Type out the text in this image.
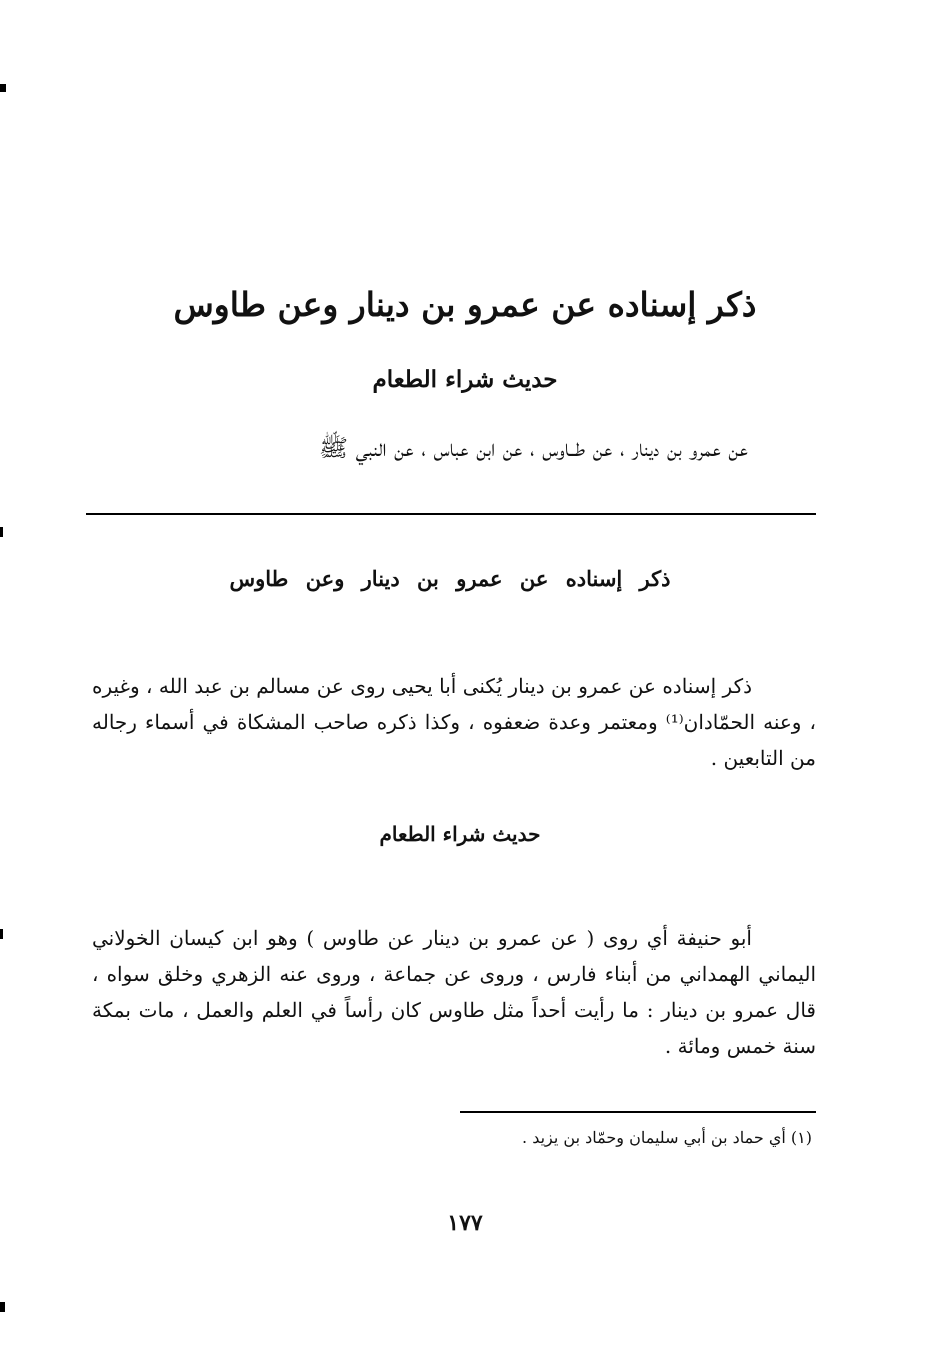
ذكر إسناده عن عمرو بن دينار وعن طاوس
حديث شراء الطعام
عن عمرو بن دينار ، عن طــاوس ، عن ابن عباس ، عن النبي ﷺ
ذكر إسناده عن عمرو بن دينار وعن طاوس
ذكر إسناده عن عمرو بن دينار يُكنى أبا يحيى روى عن مسالم بن عبد الله ، وغيره ، وعنه الحمّادان⁽¹⁾ ومعتمر وعدة ضعفوه ، وكذا ذكره صاحب المشكاة في أسماء رجاله من التابعين .
حديث شراء الطعام
أبو حنيفة أي روى ( عن عمرو بن دينار عن طاوس ) وهو ابن كيسان الخولاني اليماني الهمداني من أبناء فارس ، وروى عن جماعة ، وروى عنه الزهري وخلق سواه ، قال عمرو بن دينار : ما رأيت أحداً مثل طاوس كان رأساً في العلم والعمل ، مات بمكة سنة خمس ومائة .
(١) أي حماد بن أبي سليمان وحمّاد بن يزيد .
١٧٧
